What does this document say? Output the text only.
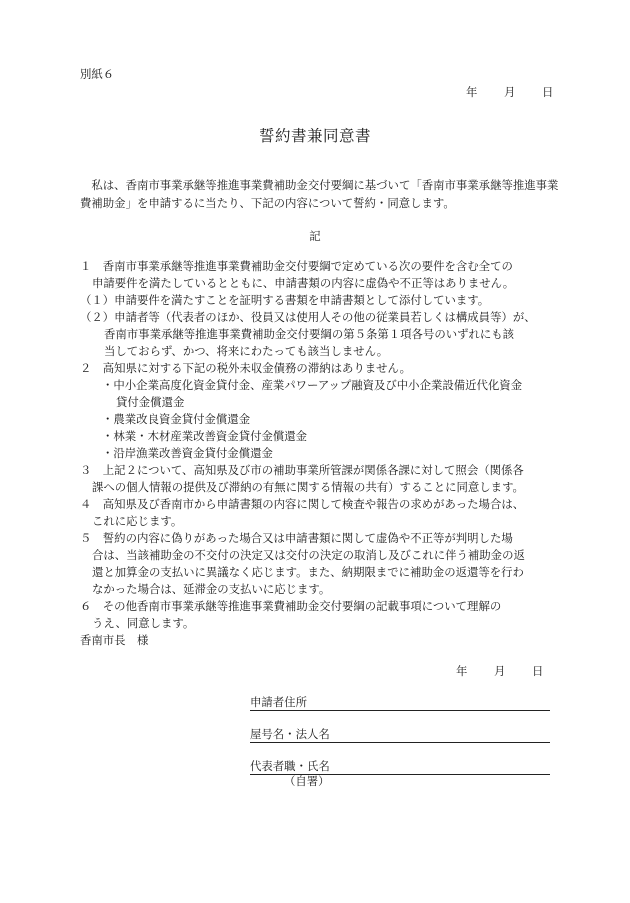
別紙６
年 月 日
誓約書兼同意書
　私は、香南市事業承継等推進事業費補助金交付要綱に基づいて「香南市事業承継等推進事業費補助金」を申請するに当たり、下記の内容について誓約・同意します。
記
１　香南市事業承継等推進事業費補助金交付要綱で定めている次の要件を含む全ての
申請要件を満たしているとともに、申請書類の内容に虚偽や不正等はありません。
（１）申請要件を満たすことを証明する書類を申請書類として添付しています。
（２）申請者等（代表者のほか、役員又は使用人その他の従業員若しくは構成員等）が、
香南市事業承継等推進事業費補助金交付要綱の第５条第１項各号のいずれにも該
当しておらず、かつ、将来にわたっても該当しません。
２　高知県に対する下記の税外未収金債務の滞納はありません。
・中小企業高度化資金貸付金、産業パワーアップ融資及び中小企業設備近代化資金
貸付金償還金
・農業改良資金貸付金償還金
・林業・木材産業改善資金貸付金償還金
・沿岸漁業改善資金貸付金償還金
３　上記２について、高知県及び市の補助事業所管課が関係各課に対して照会（関係各
課への個人情報の提供及び滞納の有無に関する情報の共有）することに同意します。
４　高知県及び香南市から申請書類の内容に関して検査や報告の求めがあった場合は、
これに応じます。
５　誓約の内容に偽りがあった場合又は申請書類に関して虚偽や不正等が判明した場
合は、当該補助金の不交付の決定又は交付の決定の取消し及びこれに伴う補助金の返
還と加算金の支払いに異議なく応じます。また、納期限までに補助金の返還等を行わ
なかった場合は、延滞金の支払いに応じます。
６　その他香南市事業承継等推進事業費補助金交付要綱の記載事項について理解の
うえ、同意します。
香南市長　様
年 月 日
申請者住所
屋号名・法人名
代表者職・氏名
（自署）
